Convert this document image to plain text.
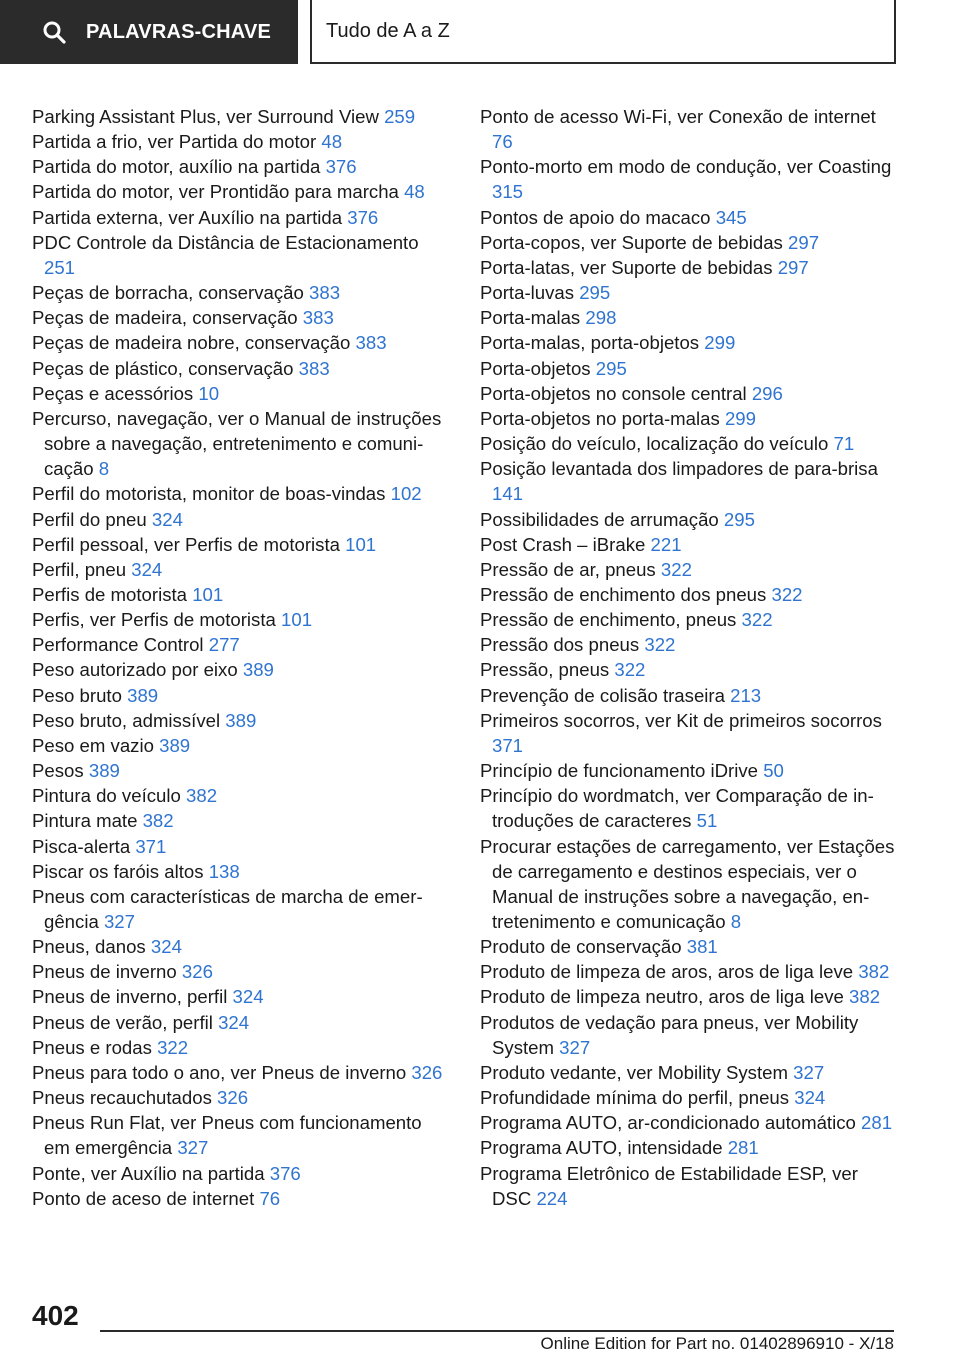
PALAVRAS-CHAVE	Tudo de A a Z
Parking Assistant Plus, ver Surround View 259
Partida a frio, ver Partida do motor 48
Partida do motor, auxílio na partida 376
Partida do motor, ver Prontidão para marcha 48
Partida externa, ver Auxílio na partida 376
PDC Controle da Distância de Estacionamento 251
Peças de borracha, conservação 383
Peças de madeira, conservação 383
Peças de madeira nobre, conservação 383
Peças de plástico, conservação 383
Peças e acessórios 10
Percurso, navegação, ver o Manual de instruções sobre a navegação, entretenimento e comunicação 8
Perfil do motorista, monitor de boas-vindas 102
Perfil do pneu 324
Perfil pessoal, ver Perfis de motorista 101
Perfil, pneu 324
Perfis de motorista 101
Perfis, ver Perfis de motorista 101
Performance Control 277
Peso autorizado por eixo 389
Peso bruto 389
Peso bruto, admissível 389
Peso em vazio 389
Pesos 389
Pintura do veículo 382
Pintura mate 382
Pisca-alerta 371
Piscar os faróis altos 138
Pneus com características de marcha de emergência 327
Pneus, danos 324
Pneus de inverno 326
Pneus de inverno, perfil 324
Pneus de verão, perfil 324
Pneus e rodas 322
Pneus para todo o ano, ver Pneus de inverno 326
Pneus recauchutados 326
Pneus Run Flat, ver Pneus com funcionamento em emergência 327
Ponte, ver Auxílio na partida 376
Ponto de aceso de internet 76
Ponto de acesso Wi-Fi, ver Conexão de internet 76
Ponto-morto em modo de condução, ver Coasting 315
Pontos de apoio do macaco 345
Porta-copos, ver Suporte de bebidas 297
Porta-latas, ver Suporte de bebidas 297
Porta-luvas 295
Porta-malas 298
Porta-malas, porta-objetos 299
Porta-objetos 295
Porta-objetos no console central 296
Porta-objetos no porta-malas 299
Posição do veículo, localização do veículo 71
Posição levantada dos limpadores de para-brisa 141
Possibilidades de arrumação 295
Post Crash – iBrake 221
Pressão de ar, pneus 322
Pressão de enchimento dos pneus 322
Pressão de enchimento, pneus 322
Pressão dos pneus 322
Pressão, pneus 322
Prevenção de colisão traseira 213
Primeiros socorros, ver Kit de primeiros socorros 371
Princípio de funcionamento iDrive 50
Princípio do wordmatch, ver Comparação de introduções de caracteres 51
Procurar estações de carregamento, ver Estações de carregamento e destinos especiais, ver o Manual de instruções sobre a navegação, entretenimento e comunicação 8
Produto de conservação 381
Produto de limpeza de aros, aros de liga leve 382
Produto de limpeza neutro, aros de liga leve 382
Produtos de vedação para pneus, ver Mobility System 327
Produto vedante, ver Mobility System 327
Profundidade mínima do perfil, pneus 324
Programa AUTO, ar-condicionado automático 281
Programa AUTO, intensidade 281
Programa Eletrônico de Estabilidade ESP, ver DSC 224
402
Online Edition for Part no. 01402896910 - X/18
